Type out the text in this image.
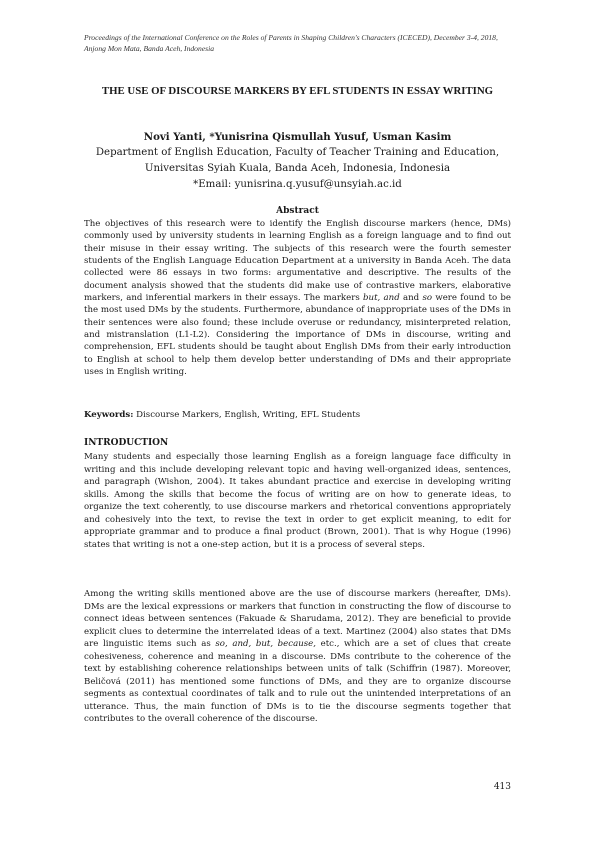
Proceedings of the International Conference on the Roles of Parents in Shaping Children's Characters (ICECED), December 3-4, 2018, Anjong Mon Mata, Banda Aceh, Indonesia
THE USE OF DISCOURSE MARKERS BY EFL STUDENTS IN ESSAY WRITING
Novi Yanti, *Yunisrina Qismullah Yusuf, Usman Kasim
Department of English Education, Faculty of Teacher Training and Education,
Universitas Syiah Kuala, Banda Aceh, Indonesia, Indonesia
*Email: yunisrina.q.yusuf@unsyiah.ac.id
Abstract

The objectives of this research were to identify the English discourse markers (hence, DMs) commonly used by university students in learning English as a foreign language and to find out their misuse in their essay writing. The subjects of this research were the fourth semester students of the English Language Education Department at a university in Banda Aceh. The data collected were 86 essays in two forms: argumentative and descriptive. The results of the document analysis showed that the students did make use of contrastive markers, elaborative markers, and inferential markers in their essays. The markers but, and and so were found to be the most used DMs by the students. Furthermore, abundance of inappropriate uses of the DMs in their sentences were also found; these include overuse or redundancy, misinterpreted relation, and mistranslation (L1-L2). Considering the importance of DMs in discourse, writing and comprehension, EFL students should be taught about English DMs from their early introduction to English at school to help them develop better understanding of DMs and their appropriate uses in English writing.

Keywords: Discourse Markers, English, Writing, EFL Students
INTRODUCTION

Many students and especially those learning English as a foreign language face difficulty in writing and this include developing relevant topic and having well-organized ideas, sentences, and paragraph (Wishon, 2004). It takes abundant practice and exercise in developing writing skills. Among the skills that become the focus of writing are on how to generate ideas, to organize the text coherently, to use discourse markers and rhetorical conventions appropriately and cohesively into the text, to revise the text in order to get explicit meaning, to edit for appropriate grammar and to produce a final product (Brown, 2001). That is why Hogue (1996) states that writing is not a one-step action, but it is a process of several steps.

Among the writing skills mentioned above are the use of discourse markers (hereafter, DMs). DMs are the lexical expressions or markers that function in constructing the flow of discourse to connect ideas between sentences (Fakuade & Sharudama, 2012). They are beneficial to provide explicit clues to determine the interrelated ideas of a text. Martinez (2004) also states that DMs are linguistic items such as so, and, but, because, etc., which are a set of clues that create cohesiveness, coherence and meaning in a discourse. DMs contribute to the coherence of the text by establishing coherence relationships between units of talk (Schiffrin (1987). Moreover, Beličová (2011) has mentioned some functions of DMs, and they are to organize discourse segments as contextual coordinates of talk and to rule out the unintended interpretations of an utterance. Thus, the main function of DMs is to tie the discourse segments together that contributes to the overall coherence of the discourse.

413
